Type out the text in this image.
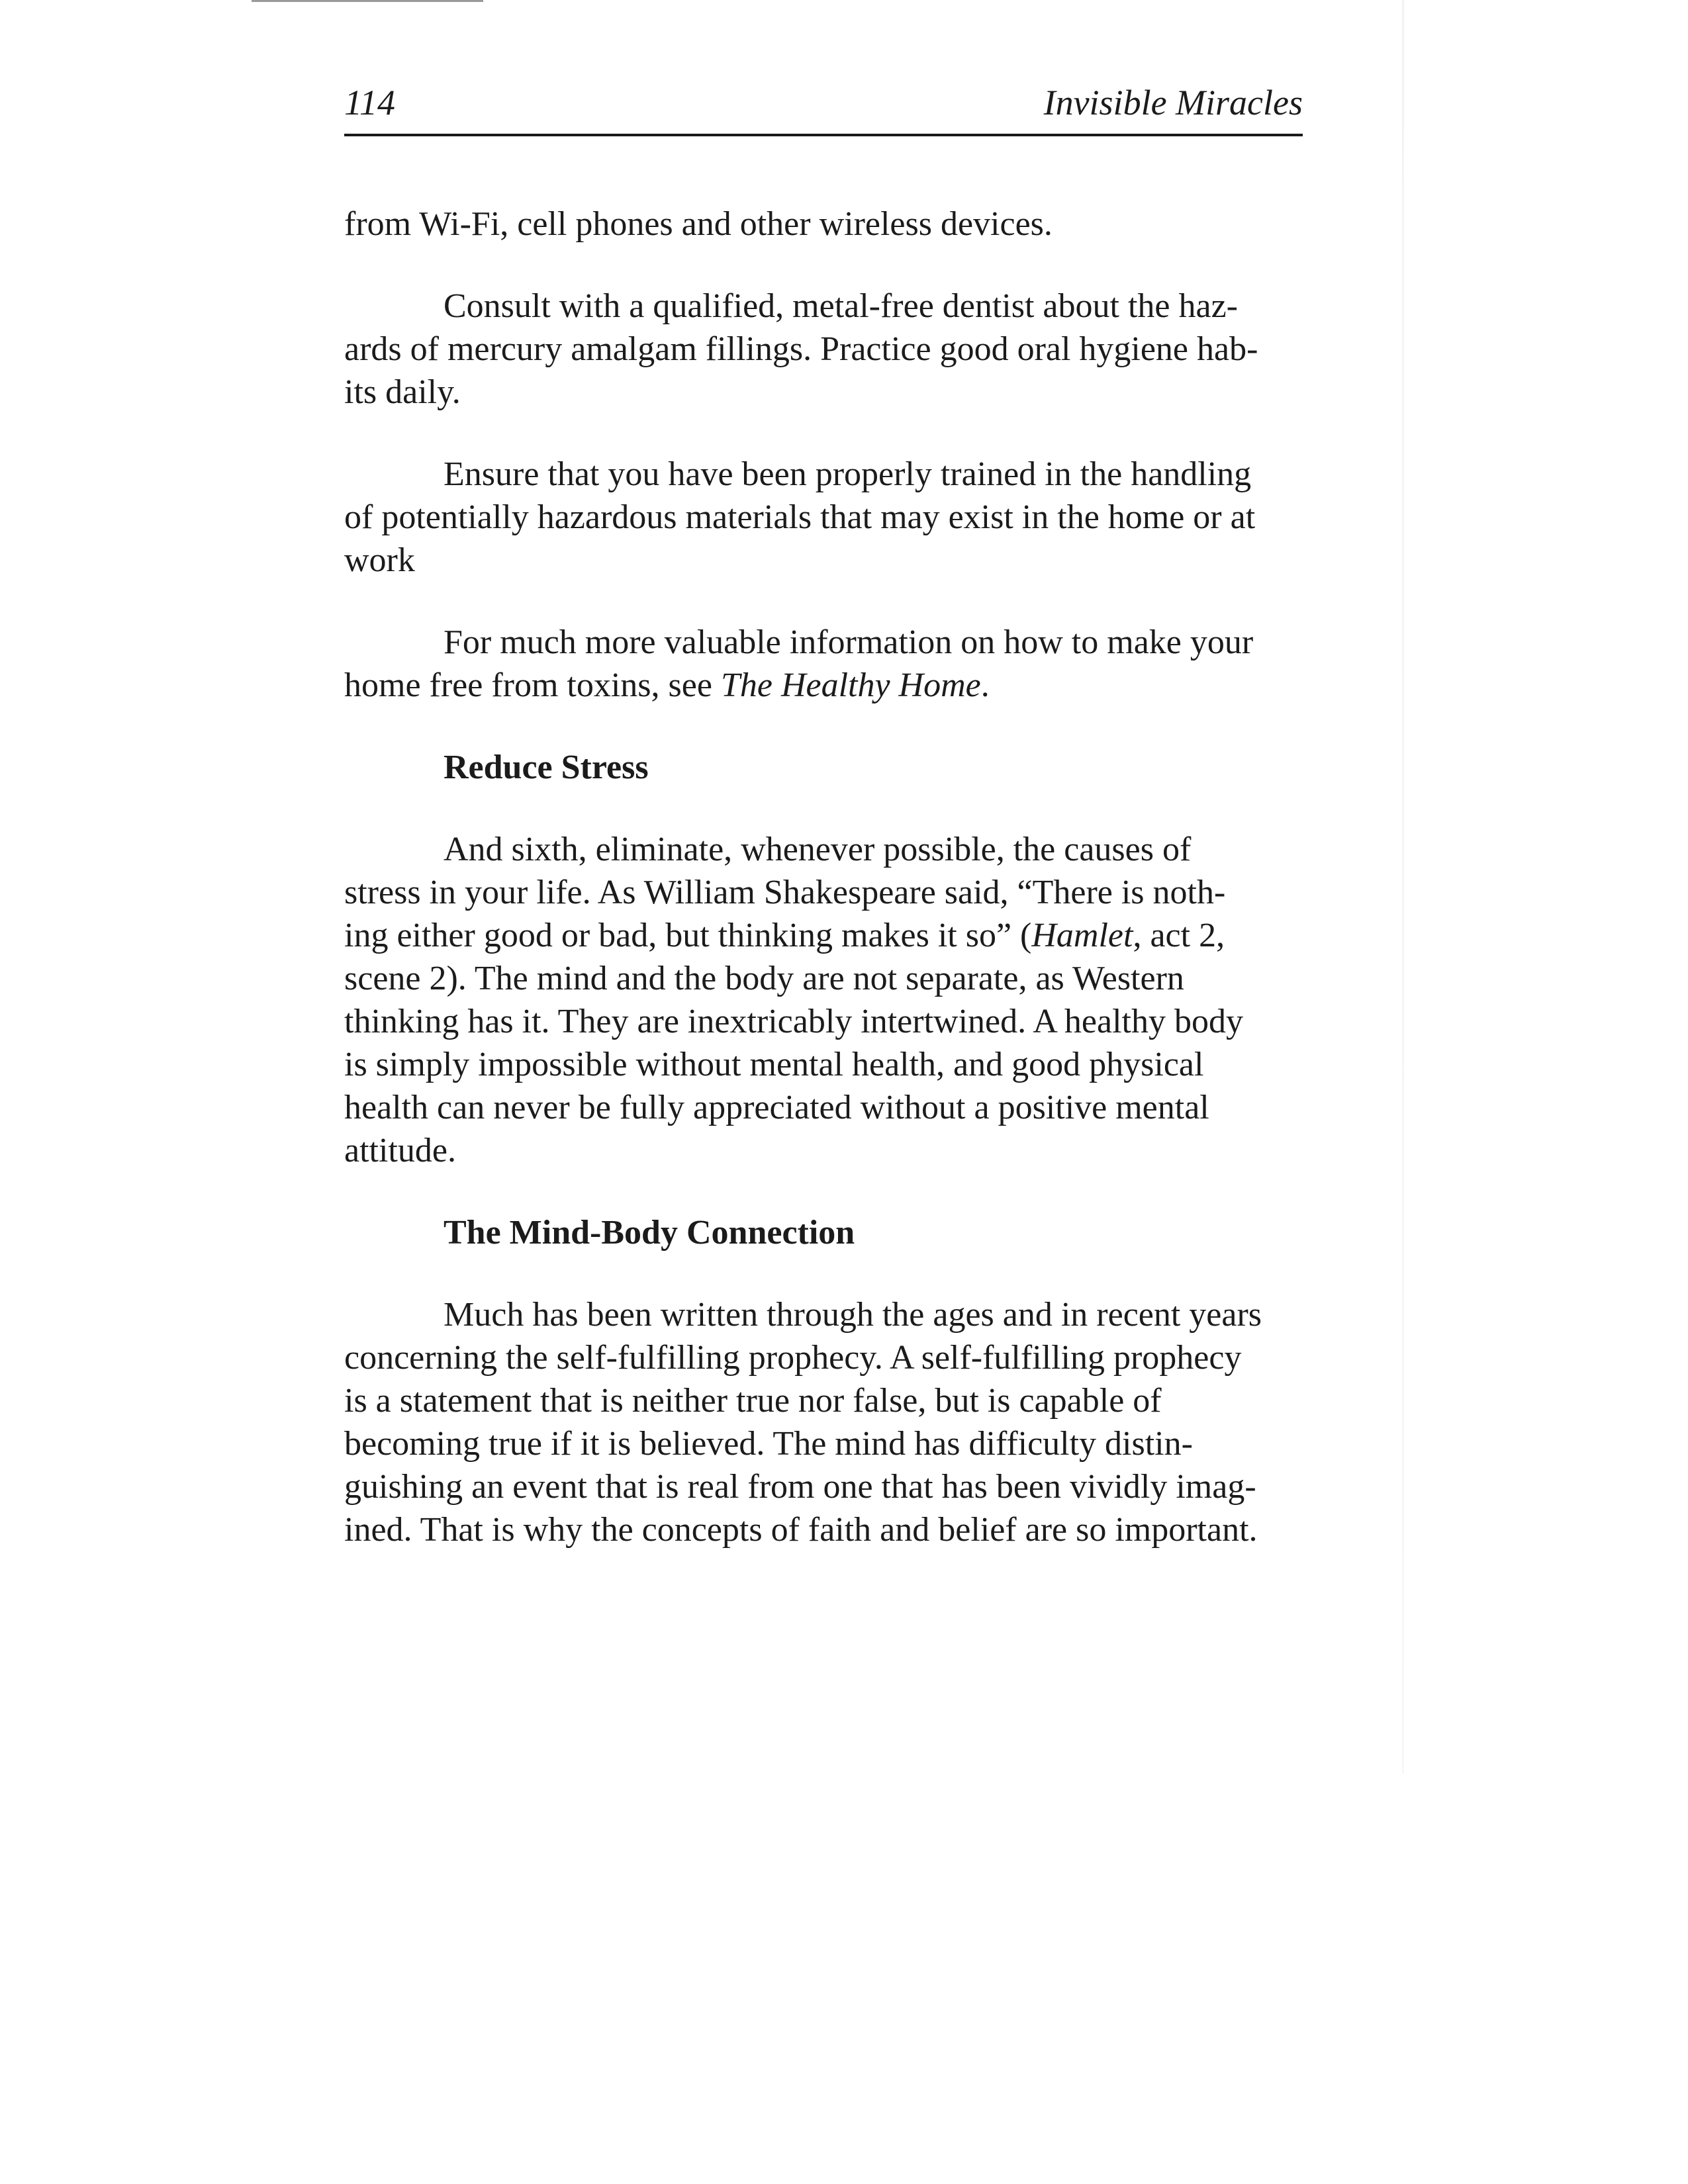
114	Invisible Miracles

from Wi-Fi, cell phones and other wireless devices.

Consult with a qualified, metal-free dentist about the haz-
ards of mercury amalgam fillings. Practice good oral hygiene hab-
its daily.

Ensure that you have been properly trained in the handling
of potentially hazardous materials that may exist in the home or at
work

For much more valuable information on how to make your
home free from toxins, see The Healthy Home.

Reduce Stress

And sixth, eliminate, whenever possible, the causes of
stress in your life. As William Shakespeare said, “There is noth-
ing either good or bad, but thinking makes it so” (Hamlet, act 2,
scene 2). The mind and the body are not separate, as Western
thinking has it. They are inextricably intertwined. A healthy body
is simply impossible without mental health, and good physical
health can never be fully appreciated without a positive mental
attitude.

The Mind-Body Connection

Much has been written through the ages and in recent years
concerning the self-fulfilling prophecy. A self-fulfilling prophecy
is a statement that is neither true nor false, but is capable of
becoming true if it is believed. The mind has difficulty distin-
guishing an event that is real from one that has been vividly imag-
ined. That is why the concepts of faith and belief are so important.
